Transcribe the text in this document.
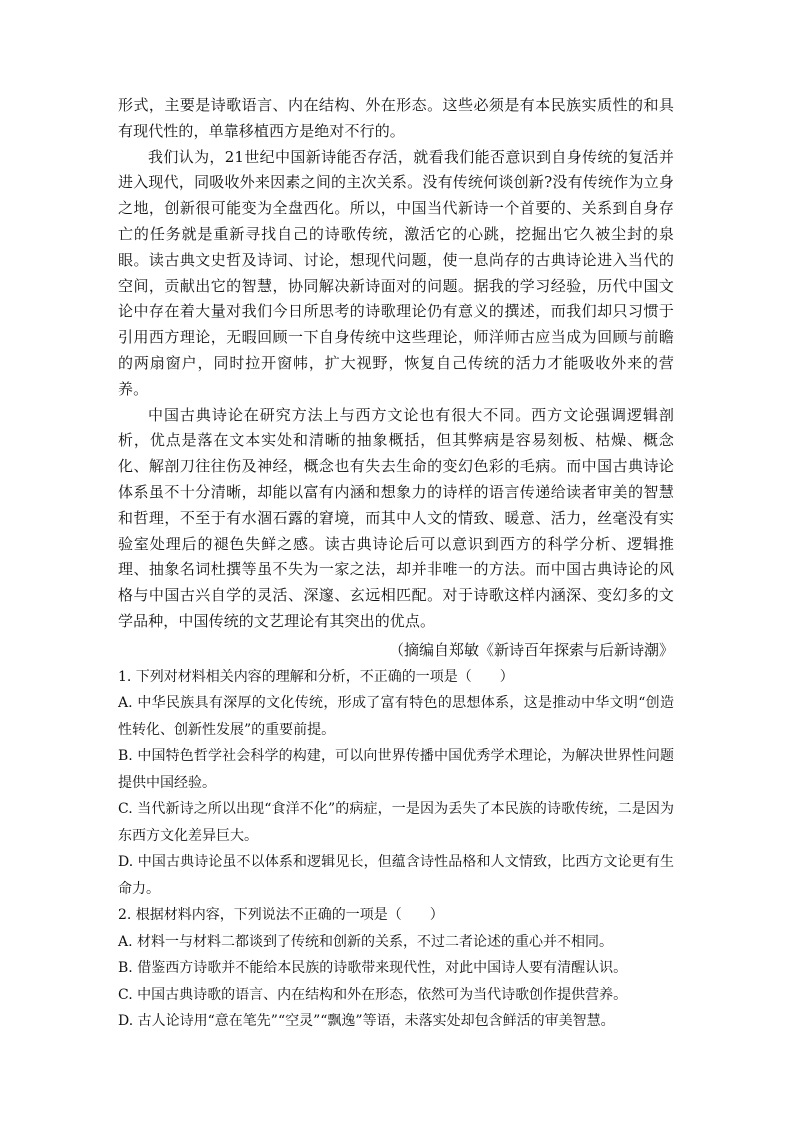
形式，主要是诗歌语言、内在结构、外在形态。这些必须是有本民族实质性的和具有现代性的，单靠移植西方是绝对不行的。

我们认为，21世纪中国新诗能否存活，就看我们能否意识到自身传统的复活并进入现代，同吸收外来因素之间的主次关系。没有传统何谈创新?没有传统作为立身之地，创新很可能变为全盘西化。所以，中国当代新诗一个首要的、关系到自身存亡的任务就是重新寻找自己的诗歌传统，激活它的心跳，挖掘出它久被尘封的泉眼。读古典文史哲及诗词、讨论，想现代问题，使一息尚存的古典诗论进入当代的空间，贡献出它的智慧，协同解决新诗面对的问题。据我的学习经验，历代中国文论中存在着大量对我们今日所思考的诗歌理论仍有意义的撰述，而我们却只习惯于引用西方理论，无暇回顾一下自身传统中这些理论，师洋师古应当成为回顾与前瞻的两扇窗户，同时拉开窗帏，扩大视野，恢复自己传统的活力才能吸收外来的营养。

中国古典诗论在研究方法上与西方文论也有很大不同。西方文论强调逻辑剖析，优点是落在文本实处和清晰的抽象概括，但其弊病是容易刻板、枯燥、概念化、解剖刀往往伤及神经，概念也有失去生命的变幻色彩的毛病。而中国古典诗论体系虽不十分清晰，却能以富有内涵和想象力的诗样的语言传递给读者审美的智慧和哲理，不至于有水涸石露的窘境，而其中人文的情致、暖意、活力，丝毫没有实验室处理后的褪色失鲜之感。读古典诗论后可以意识到西方的科学分析、逻辑推理、抽象名词杜撰等虽不失为一家之法，却并非唯一的方法。而中国古典诗论的风格与中国古兴自学的灵活、深邃、玄远相匹配。对于诗歌这样内涵深、变幻多的文学品种，中国传统的文艺理论有其突出的优点。

（摘编自郑敏《新诗百年探索与后新诗潮》

1. 下列对材料相关内容的理解和分析，不正确的一项是（　　）

A. 中华民族具有深厚的文化传统，形成了富有特色的思想体系，这是推动中华文明“创造性转化、创新性发展”的重要前提。

B. 中国特色哲学社会科学的构建，可以向世界传播中国优秀学术理论，为解决世界性问题提供中国经验。

C. 当代新诗之所以出现“食洋不化”的病症，一是因为丢失了本民族的诗歌传统，二是因为东西方文化差异巨大。

D. 中国古典诗论虽不以体系和逻辑见长，但蕴含诗性品格和人文情致，比西方文论更有生命力。

2. 根据材料内容，下列说法不正确的一项是（　　）

A. 材料一与材料二都谈到了传统和创新的关系，不过二者论述的重心并不相同。

B. 借鉴西方诗歌并不能给本民族的诗歌带来现代性，对此中国诗人要有清醒认识。

C. 中国古典诗歌的语言、内在结构和外在形态，依然可为当代诗歌创作提供营养。

D. 古人论诗用“意在笔先”“空灵”“飘逸”等语，未落实处却包含鲜活的审美智慧。
